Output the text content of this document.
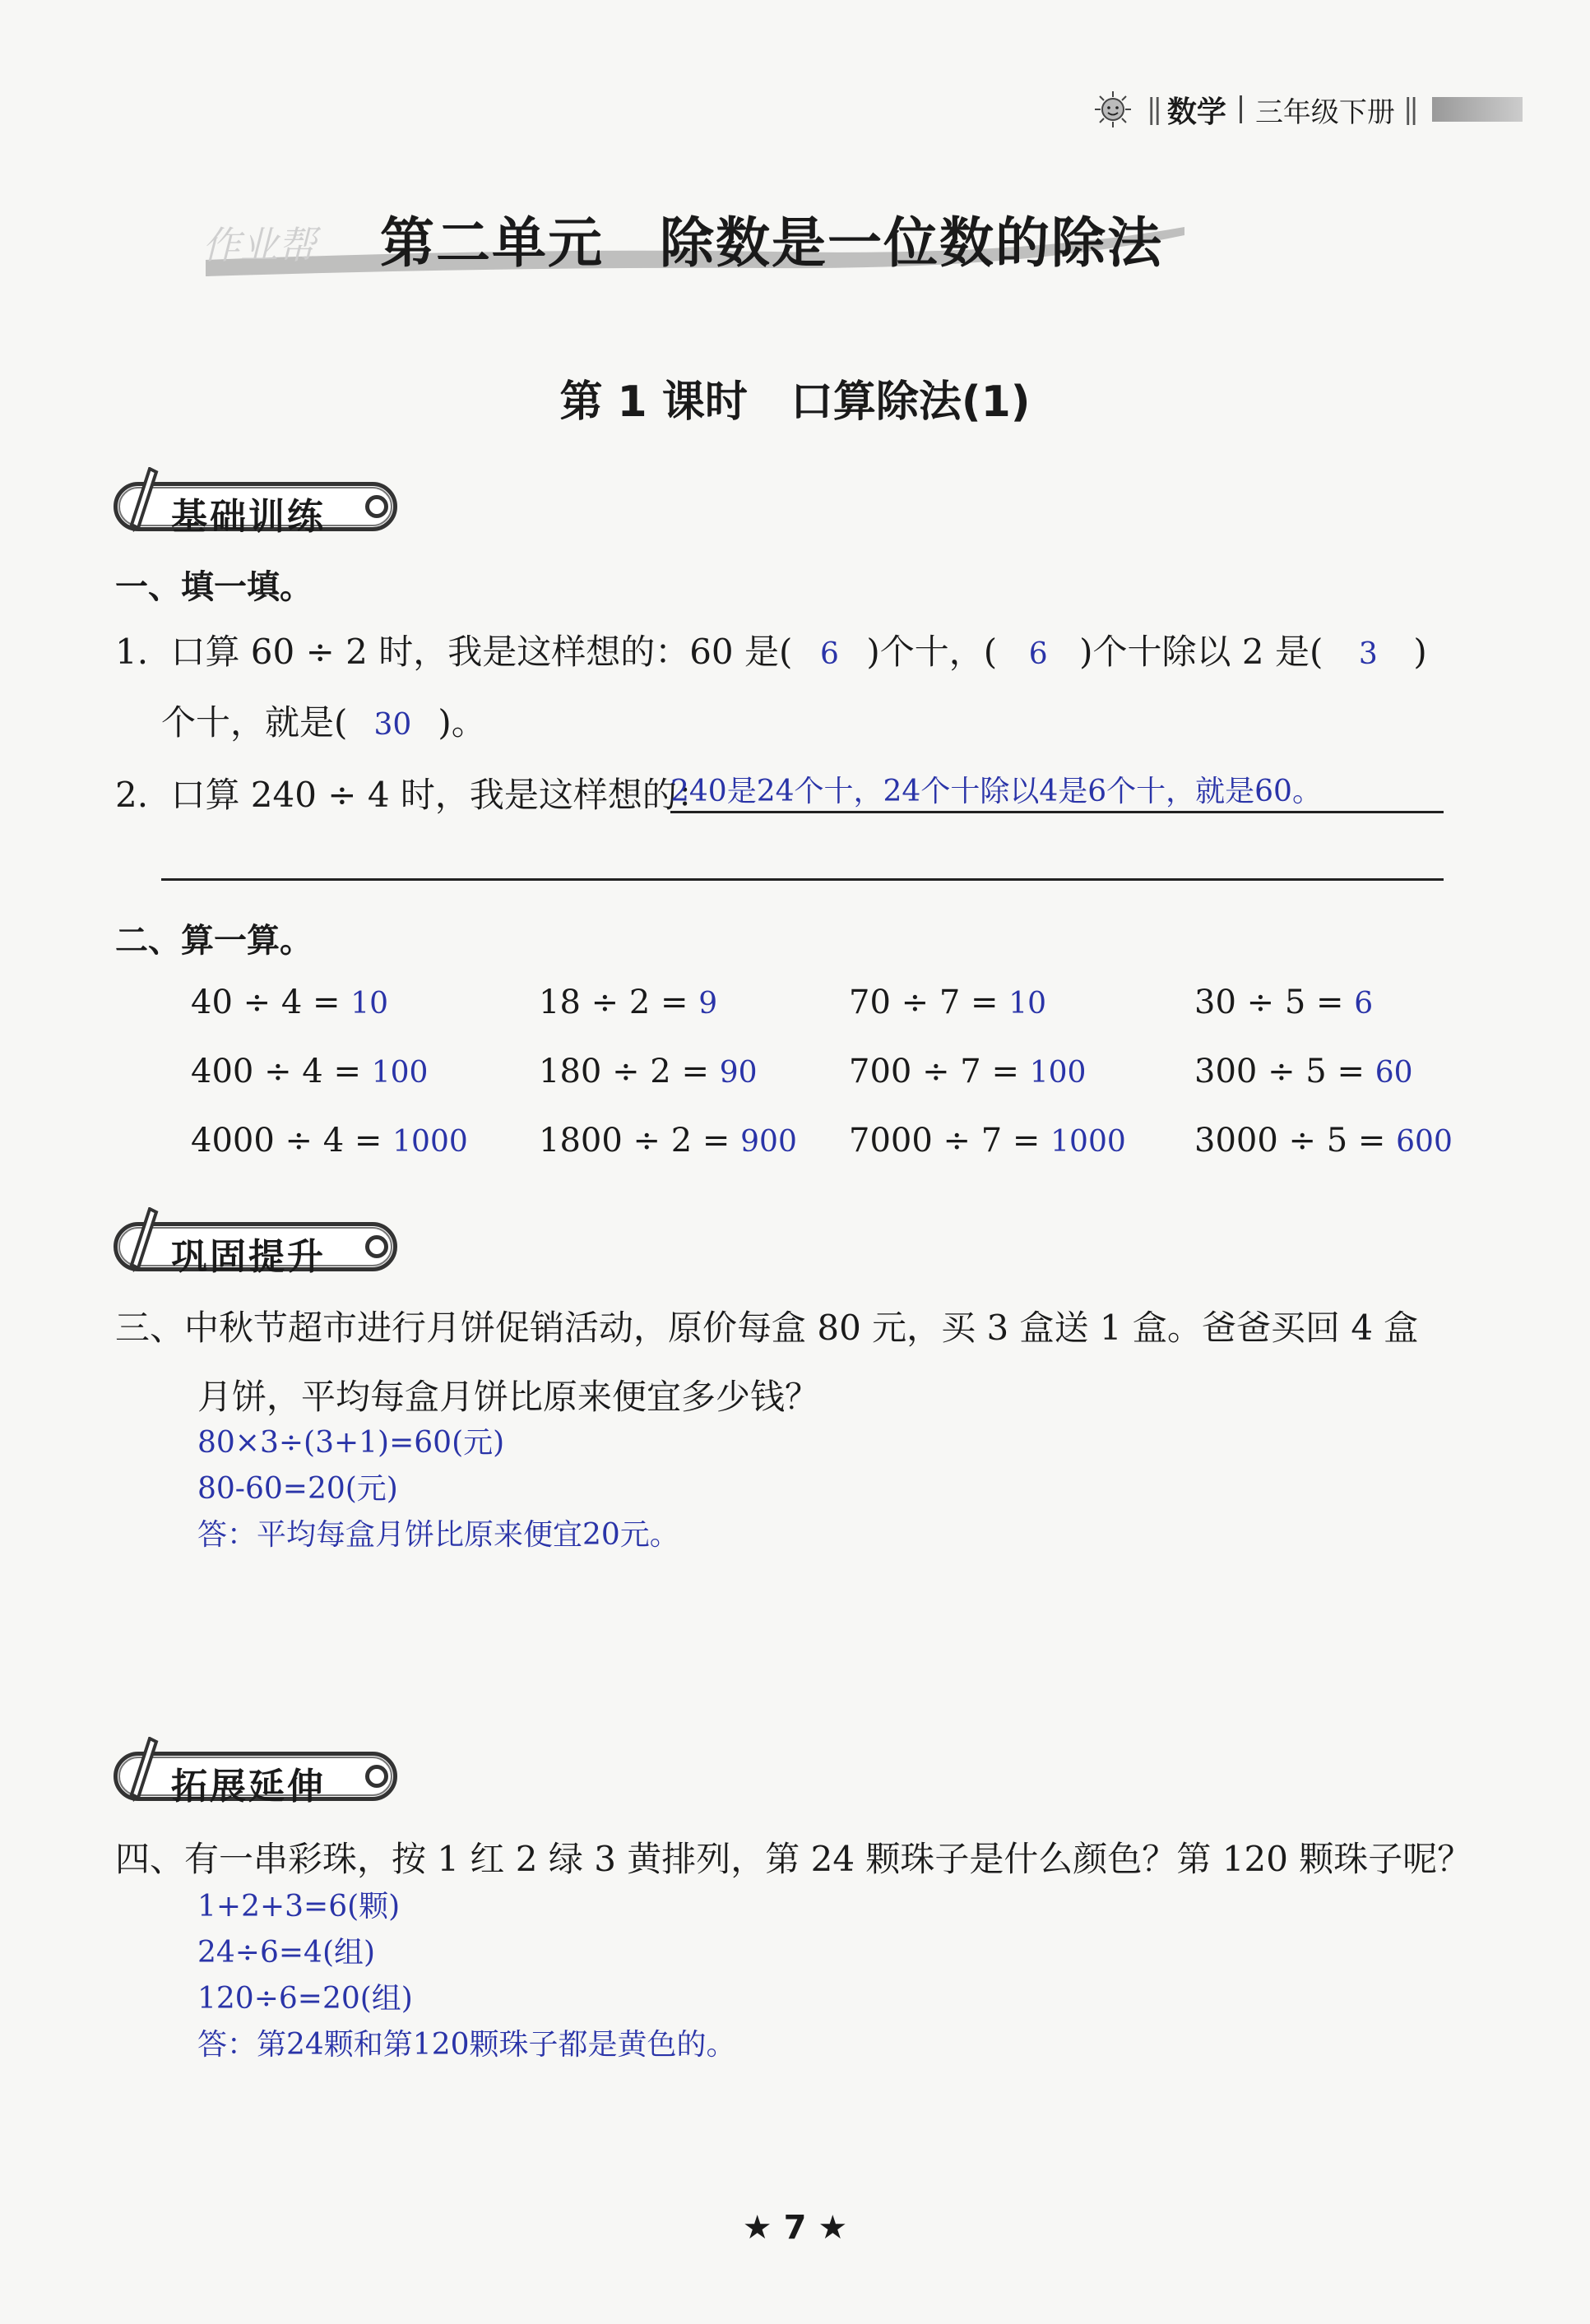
|| 数学 三年级下册 ||
作业帮 第二单元　除数是一位数的除法
第 1 课时　口算除法(1)
基础训练
一、填一填。
1. 口算 60 ÷ 2 时，我是这样想的：60 是( 6 )个十，( 6 )个十除以 2 是( 3 )
个十，就是( 30 )。
2. 口算 240 ÷ 4 时，我是这样想的：
240是24个十，24个十除以4是6个十，就是60。
二、算一算。
40 ÷ 4 = 10	18 ÷ 2 = 9	70 ÷ 7 = 10	30 ÷ 5 = 6
400 ÷ 4 = 100	180 ÷ 2 = 90	700 ÷ 7 = 100	300 ÷ 5 = 60
4000 ÷ 4 = 1000 1800 ÷ 2 = 900 7000 ÷ 7 = 1000 3000 ÷ 5 = 600
巩固提升
三、中秋节超市进行月饼促销活动，原价每盒 80 元，买 3 盒送 1 盒。爸爸买回 4 盒
月饼，平均每盒月饼比原来便宜多少钱？
80×3÷(3+1)=60(元)
80-60=20(元)
答：平均每盒月饼比原来便宜20元。
拓展延伸
四、有一串彩珠，按 1 红 2 绿 3 黄排列，第 24 颗珠子是什么颜色？第 120 颗珠子呢？
1+2+3=6(颗)
24÷6=4(组)
120÷6=20(组)
答：第24颗和第120颗珠子都是黄色的。
★ 7 ★
